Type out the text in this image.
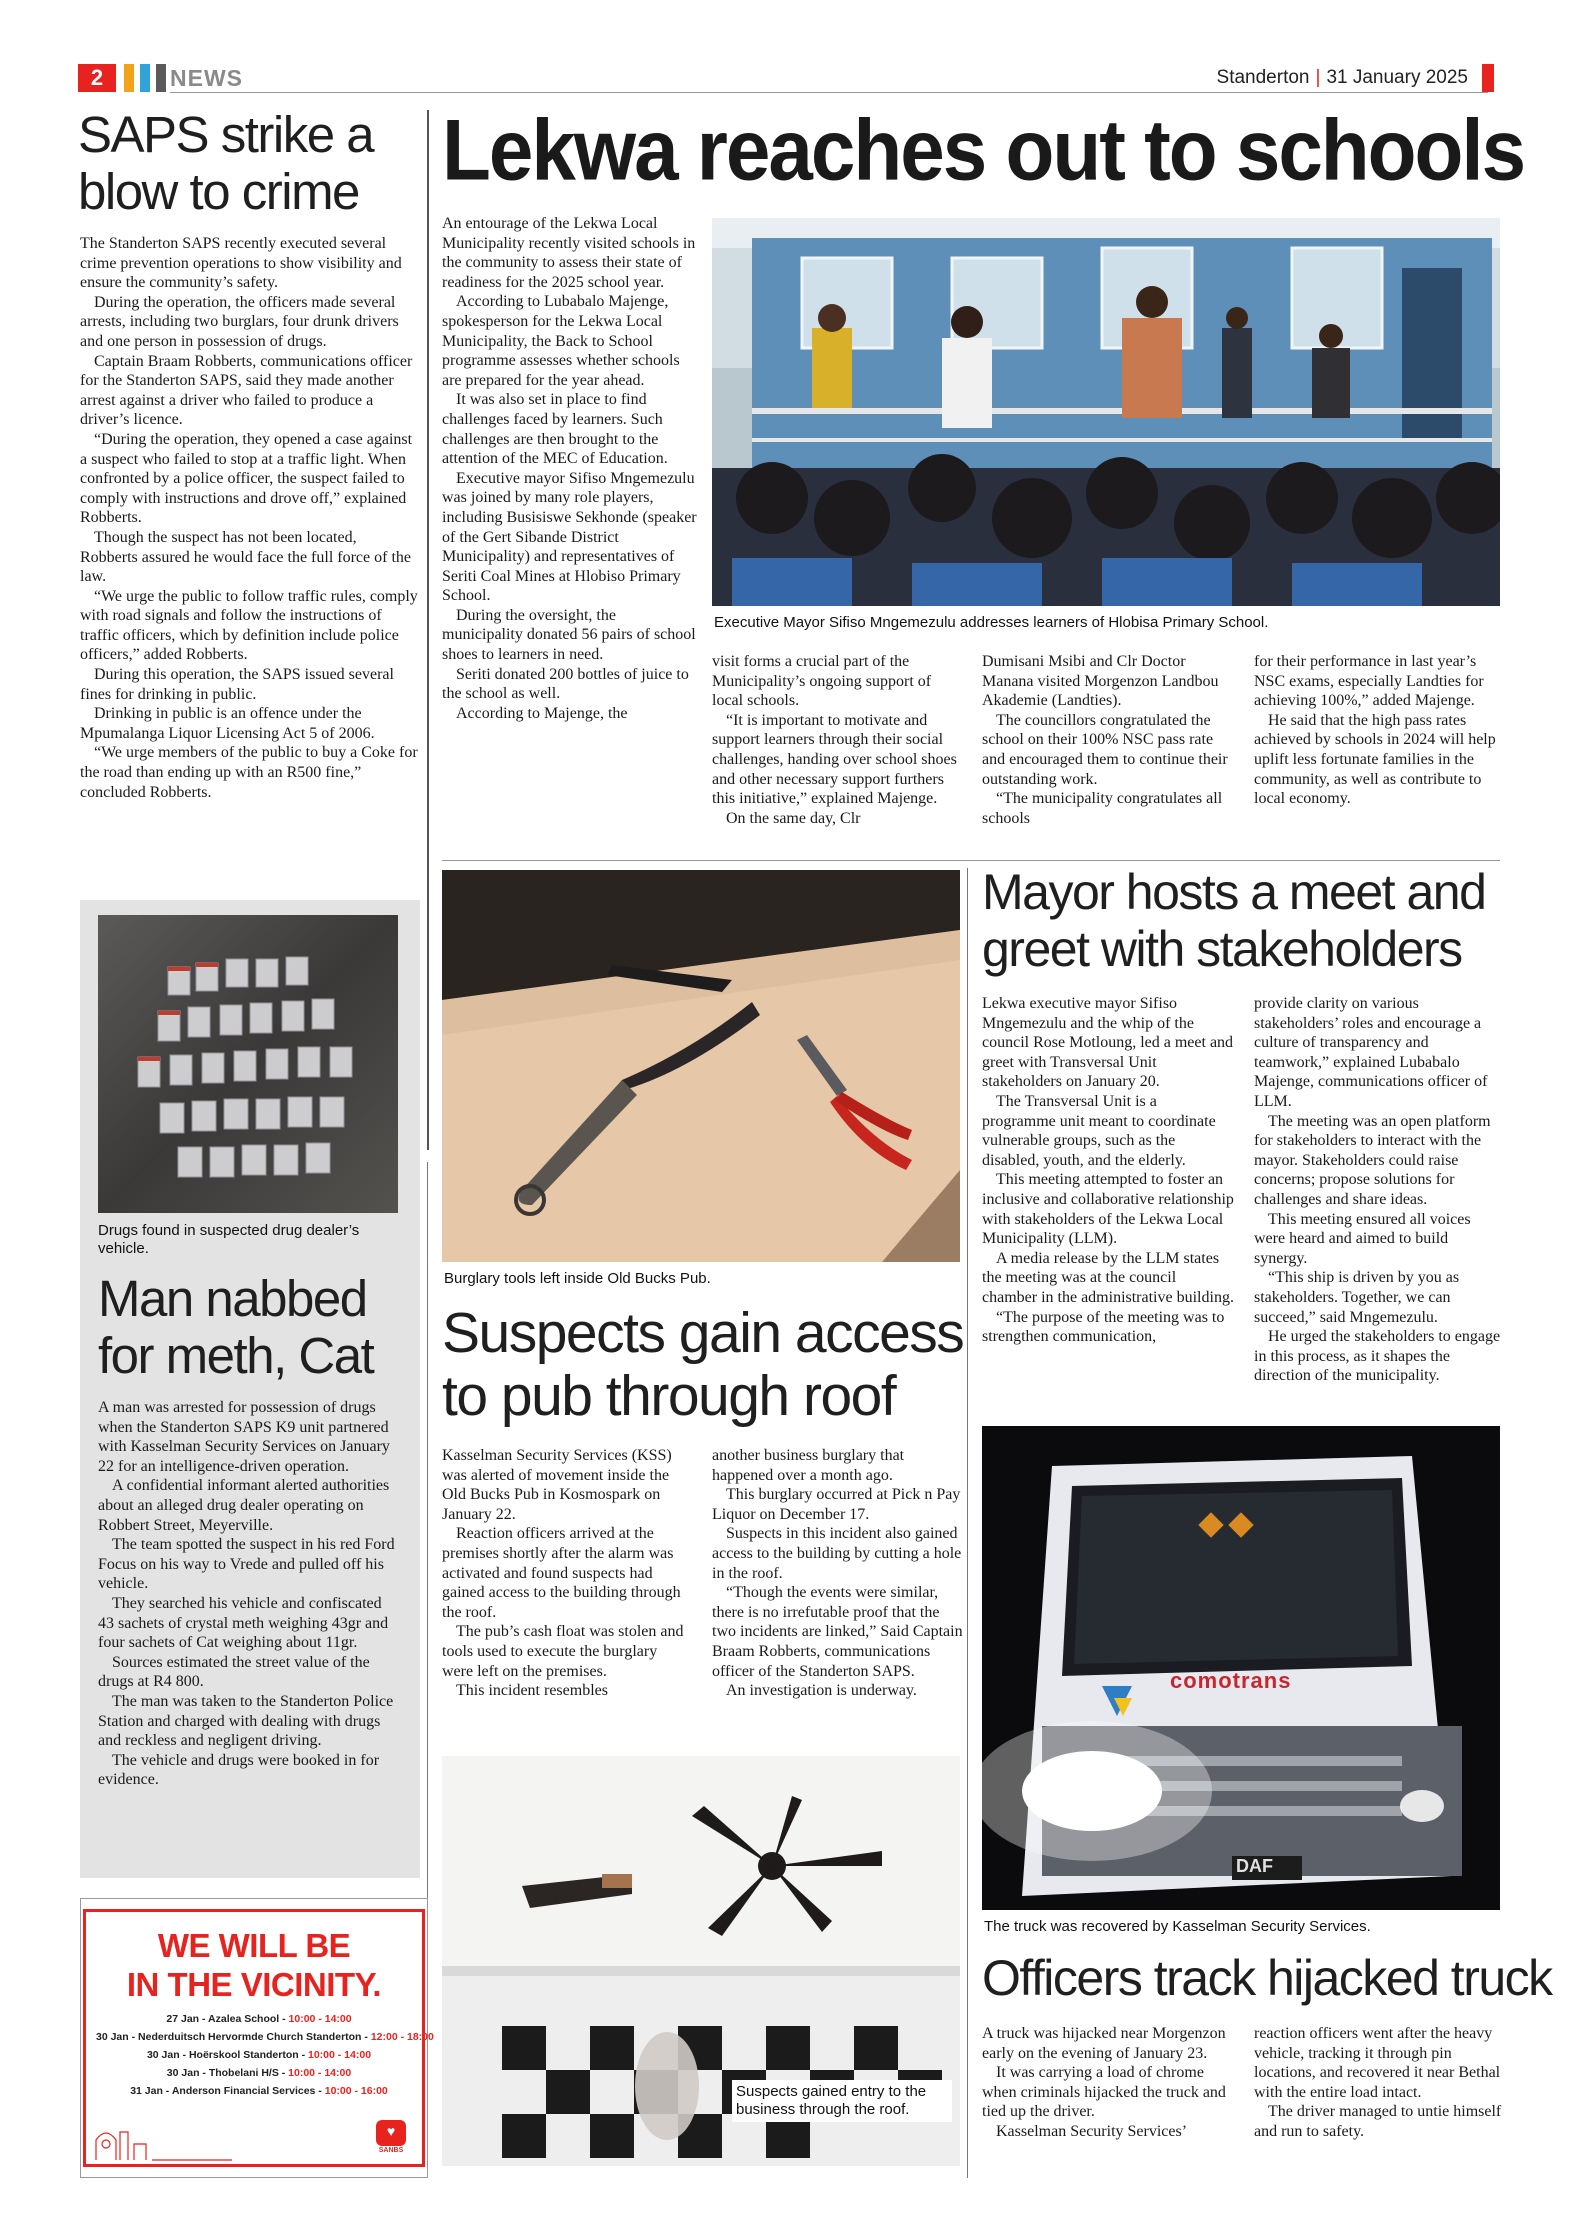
2	NEWS	Standerton | 31 January 2025
SAPS strike a
blow to crime

The Standerton SAPS recently executed several crime prevention operations to show visibility and ensure the community’s safety.

During the operation, the officers made several arrests, including two burglars, four drunk drivers and one person in possession of drugs.

Captain Braam Robberts, communications officer for the Standerton SAPS, said they made another arrest against a driver who failed to produce a driver’s licence.

“During the operation, they opened a case against a suspect who failed to stop at a traffic light. When confronted by a police officer, the suspect failed to comply with instructions and drove off,” explained Robberts.

Though the suspect has not been located, Robberts assured he would face the full force of the law.

“We urge the public to follow traffic rules, comply with road signals and follow the instructions of traffic officers, which by definition include police officers,” added Robberts.

During this operation, the SAPS issued several fines for drinking in public.

Drinking in public is an offence under the Mpumalanga Liquor Licensing Act 5 of 2006.

“We urge members of the public to buy a Coke for the road than ending up with an R500 fine,” concluded Robberts.

Drugs found in suspected drug dealer’s vehicle.
Man nabbed
for meth, Cat

A man was arrested for possession of drugs when the Standerton SAPS K9 unit partnered with Kasselman Security Services on January 22 for an intelligence-driven operation.

A confidential informant alerted authorities about an alleged drug dealer operating on Robbert Street, Meyerville.

The team spotted the suspect in his red Ford Focus on his way to Vrede and pulled off his vehicle.

They searched his vehicle and confiscated 43 sachets of crystal meth weighing 43gr and four sachets of Cat weighing about 11gr.

Sources estimated the street value of the drugs at R4 800.

The man was taken to the Standerton Police Station and charged with dealing with drugs and reckless and negligent driving.

The vehicle and drugs were booked in for evidence.

WE WILL BE
IN THE VICINITY.
27 Jan - Azalea School - 10:00 - 14:00
30 Jan - Nederduitsch Hervormde Church Standerton - 12:00 - 18:00
30 Jan - Hoërskool Standerton - 10:00 - 14:00
30 Jan - Thobelani H/S - 10:00 - 14:00
31 Jan - Anderson Financial Services - 10:00 - 16:00
♥
SANBS
Lekwa reaches out to schools

An entourage of the Lekwa Local Municipality recently visited schools in the community to assess their state of readiness for the 2025 school year.

According to Lubabalo Majenge, spokesperson for the Lekwa Local Municipality, the Back to School programme assesses whether schools are prepared for the year ahead.

It was also set in place to find challenges faced by learners. Such challenges are then brought to the attention of the MEC of Education.

Executive mayor Sifiso Mngemezulu was joined by many role players, including Busisiswe Sekhonde (speaker of the Gert Sibande District Municipality) and representatives of Seriti Coal Mines at Hlobiso Primary School.

During the oversight, the municipality donated 56 pairs of school shoes to learners in need.

Seriti donated 200 bottles of juice to the school as well.

According to Majenge, the

Executive Mayor Sifiso Mngemezulu addresses learners of Hlobisa Primary School.

visit forms a crucial part of the Municipality’s ongoing support of local schools.

“It is important to motivate and support learners through their social challenges, handing over school shoes and other necessary support furthers this initiative,” explained Majenge.

On the same day, Clr

Dumisani Msibi and Clr Doctor Manana visited Morgenzon Landbou Akademie (Landties).

The councillors congratulated the school on their 100% NSC pass rate and encouraged them to continue their outstanding work.

“The municipality congratulates all schools

for their performance in last year’s NSC exams, especially Landties for achieving 100%,” added Majenge.

He said that the high pass rates achieved by schools in 2024 will help uplift less fortunate families in the community, as well as contribute to local economy.

Burglary tools left inside Old Bucks Pub.
Suspects gain access
to pub through roof

Kasselman Security Services (KSS) was alerted of movement inside the Old Bucks Pub in Kosmospark on January 22.

Reaction officers arrived at the premises shortly after the alarm was activated and found suspects had gained access to the building through the roof.

The pub’s cash float was stolen and tools used to execute the burglary were left on the premises.

This incident resembles

another business burglary that happened over a month ago.

This burglary occurred at Pick n Pay Liquor on December 17.

Suspects in this incident also gained access to the building by cutting a hole in the roof.

“Though the events were similar, there is no irrefutable proof that the two incidents are linked,” Said Captain Braam Robberts, communications officer of the Standerton SAPS.

An investigation is underway.

Suspects gained entry to the business through the roof.
Mayor hosts a meet and
greet with stakeholders

Lekwa executive mayor Sifiso Mngemezulu and the whip of the council Rose Motloung, led a meet and greet with Transversal Unit stakeholders on January 20.

The Transversal Unit is a programme unit meant to coordinate vulnerable groups, such as the disabled, youth, and the elderly.

This meeting attempted to foster an inclusive and collaborative relationship with stakeholders of the Lekwa Local Municipality (LLM).

A media release by the LLM states the meeting was at the council chamber in the administrative building.

“The purpose of the meeting was to strengthen communication,

provide clarity on various stakeholders’ roles and encourage a culture of transparency and teamwork,” explained Lubabalo Majenge, communications officer of LLM.

The meeting was an open platform for stakeholders to interact with the mayor. Stakeholders could raise concerns; propose solutions for challenges and share ideas.

This meeting ensured all voices were heard and aimed to build synergy.

“This ship is driven by you as stakeholders. Together, we can succeed,” said Mngemezulu.

He urged the stakeholders to engage in this process, as it shapes the direction of the municipality.

comotrans
DAF
The truck was recovered by Kasselman Security Services.
Officers track hijacked truck

A truck was hijacked near Morgenzon early on the evening of January 23.

It was carrying a load of chrome when criminals hijacked the truck and tied up the driver.

Kasselman Security Services’

reaction officers went after the heavy vehicle, tracking it through pin locations, and recovered it near Bethal with the entire load intact.

The driver managed to untie himself and run to safety.
